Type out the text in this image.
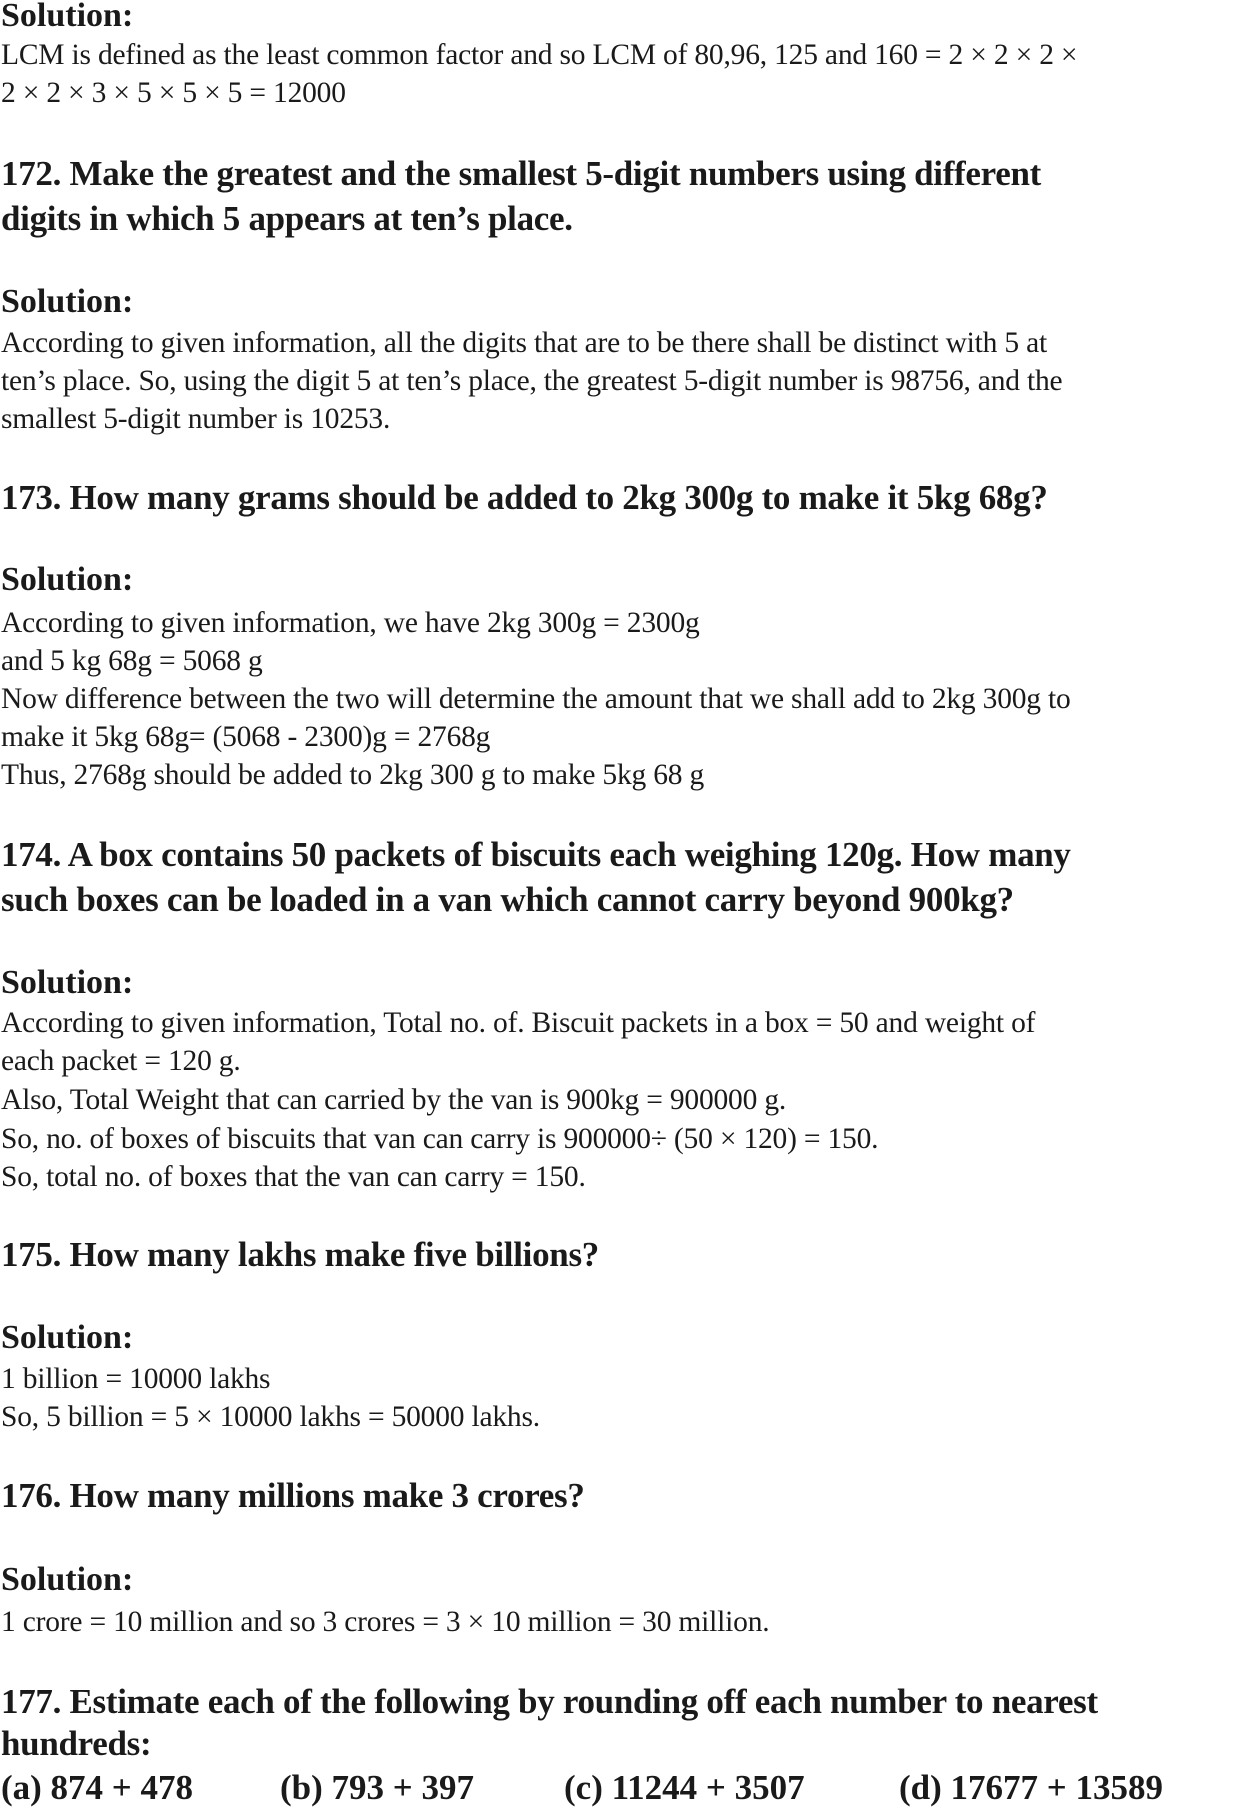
Solution:
LCM is defined as the least common factor and so LCM of 80,96, 125 and 160 = 2 × 2 × 2 ×
2 × 2 × 3 × 5 × 5 × 5 = 12000
172. Make the greatest and the smallest 5-digit numbers using different
digits in which 5 appears at ten’s place.
Solution:
According to given information, all the digits that are to be there shall be distinct with 5 at
ten’s place. So, using the digit 5 at ten’s place, the greatest 5-digit number is 98756, and the
smallest 5-digit number is 10253.
173. How many grams should be added to 2kg 300g to make it 5kg 68g?
Solution:
According to given information, we have 2kg 300g = 2300g
and 5 kg 68g = 5068 g
Now difference between the two will determine the amount that we shall add to 2kg 300g to
make it 5kg 68g= (5068 - 2300)g = 2768g
Thus, 2768g should be added to 2kg 300 g to make 5kg 68 g
174. A box contains 50 packets of biscuits each weighing 120g. How many
such boxes can be loaded in a van which cannot carry beyond 900kg?
Solution:
According to given information, Total no. of. Biscuit packets in a box = 50 and weight of
each packet = 120 g.
Also, Total Weight that can carried by the van is 900kg = 900000 g.
So, no. of boxes of biscuits that van can carry is 900000÷ (50 × 120) = 150.
So, total no. of boxes that the van can carry = 150.
175. How many lakhs make five billions?
Solution:
1 billion = 10000 lakhs
So, 5 billion = 5 × 10000 lakhs = 50000 lakhs.
176. How many millions make 3 crores?
Solution:
1 crore = 10 million and so 3 crores = 3 × 10 million = 30 million.
177. Estimate each of the following by rounding off each number to nearest
hundreds:
(a) 874 + 478 (b) 793 + 397	(c) 11244 + 3507	(d) 17677 + 13589
